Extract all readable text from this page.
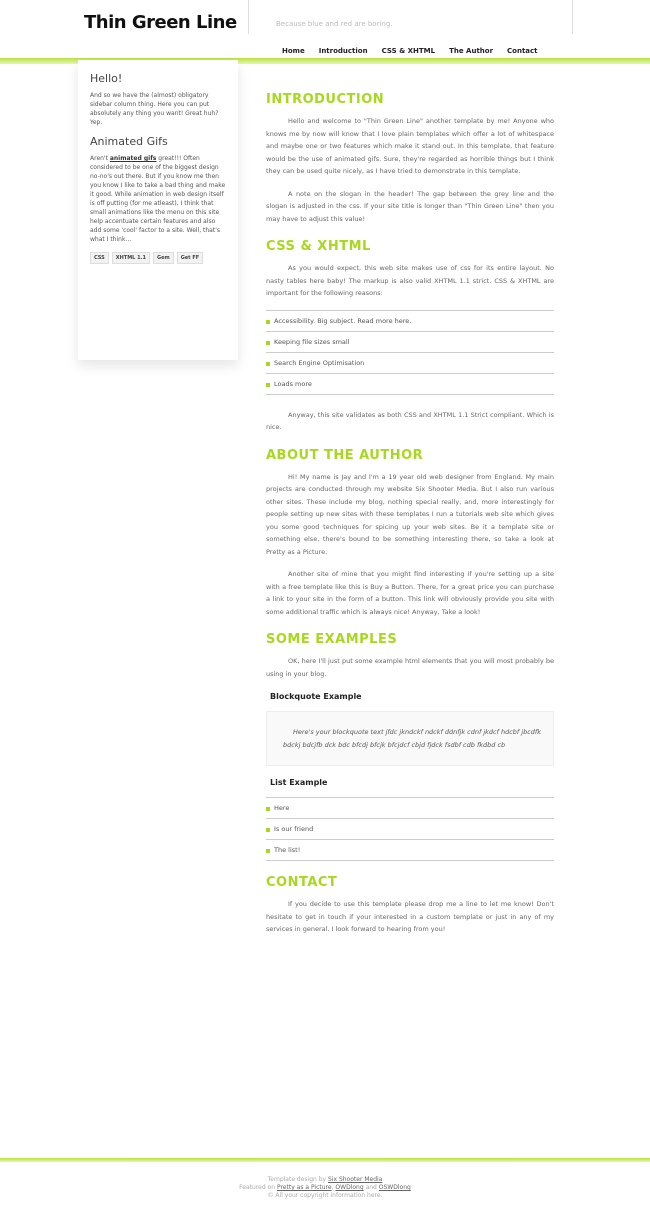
Thin Green Line	Because blue and red are boring.
Home Introduction CSS & XHTML The Author Contact
Hello!

And so we have the (almost) obligatory sidebar column thing. Here you can put absolutely any thing you want! Great huh? Yep.

Animated Gifs

Aren't animated gifs great!!! Often considered to be one of the biggest design no-no's out there. But if you know me then you know I like to take a bad thing and make it good. While animation in web design itself is off putting (for me atleast), I think that small animations like the menu on this site help accentuate certain features and also add some 'cool' factor to a site. Well, that's what I think...

CSS	XHTML 1.1	Gem	Get FF
INTRODUCTION

Hello and welcome to "Thin Green Line" another template by me! Anyone who knows me by now will know that I love plain templates which offer a lot of whitespace and maybe one or two features which make it stand out. In this template, that feature would be the use of animated gifs. Sure, they're regarded as horrible things but I think they can be used quite nicely, as I have tried to demonstrate in this template.

A note on the slogan in the header! The gap between the grey line and the slogan is adjusted in the css. If your site title is longer than "Thin Green Line" then you may have to adjust this value!

CSS & XHTML

As you would expect, this web site makes use of css for its entire layout. No nasty tables here baby! The markup is also valid XHTML 1.1 strict. CSS & XHTML are important for the following reasons:

Accessibility. Big subject. Read more here.
Keeping file sizes small
Search Engine Optimisation
Loads more

Anyway, this site validates as both CSS and XHTML 1.1 Strict compliant. Which is nice.

ABOUT THE AUTHOR

Hi! My name is Jay and I'm a 19 year old web designer from England. My main projects are conducted through my website Six Shooter Media. But I also run various other sites. These include my blog, nothing special really, and, more interestingly for people setting up new sites with these templates I run a tutorials web site which gives you some good techniques for spicing up your web sites. Be it a template site or something else, there's bound to be something interesting there, so take a look at Pretty as a Picture.

Another site of mine that you might find interesting if you're setting up a site with a free template like this is Buy a Button. There, for a great price you can purchase a link to your site in the form of a button. This link will obviously provide you site with some additional traffic which is always nice! Anyway, Take a look!

SOME EXAMPLES

OK, here I'll just put some example html elements that you will most probably be using in your blog.

Blockquote Example
Here's your blockquote text jfdc jkndckf ndckf ddnfjk cdnf jkdcf hdcbf jbcdfk bdckj bdcjfb dck bdc bfcdj bfcjk bfcjdcf cbjd fjdck fsdbf cdb fkdbd cb
List Example
Here
Is our friend
The list!
CONTACT

If you decide to use this template please drop me a line to let me know! Don't hesitate to get in touch if your interested in a custom template or just in any of my services in general. I look forward to hearing from you!

Template design by Six Shooter Media
Featured on Pretty as a Picture, OWDlong and OSWDlong
© All your copyright information here.
